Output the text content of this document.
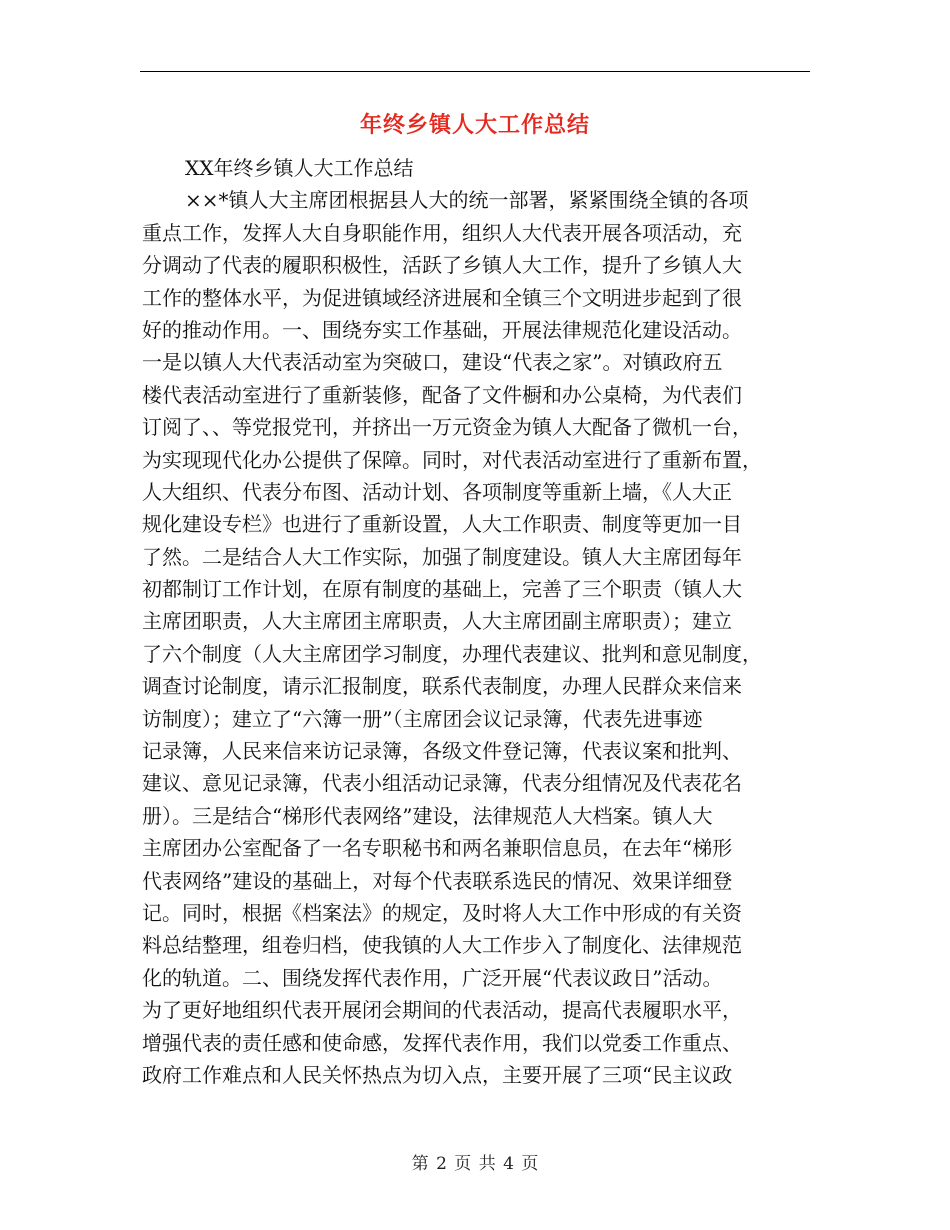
年终乡镇人大工作总结
XX年终乡镇人大工作总结
××*镇人大主席团根据县人大的统一部署，紧紧围绕全镇的各项
重点工作，发挥人大自身职能作用，组织人大代表开展各项活动，充
分调动了代表的履职积极性，活跃了乡镇人大工作，提升了乡镇人大
工作的整体水平，为促进镇域经济进展和全镇三个文明进步起到了很
好的推动作用。一、围绕夯实工作基础，开展法律规范化建设活动。
一是以镇人大代表活动室为突破口，建设“代表之家”。对镇政府五
楼代表活动室进行了重新装修，配备了文件橱和办公桌椅，为代表们
订阅了、、等党报党刊，并挤出一万元资金为镇人大配备了微机一台，
为实现现代化办公提供了保障。同时，对代表活动室进行了重新布置，
人大组织、代表分布图、活动计划、各项制度等重新上墙，《人大正
规化建设专栏》也进行了重新设置，人大工作职责、制度等更加一目
了然。二是结合人大工作实际，加强了制度建设。镇人大主席团每年
初都制订工作计划，在原有制度的基础上，完善了三个职责（镇人大
主席团职责，人大主席团主席职责，人大主席团副主席职责）；建立
了六个制度（人大主席团学习制度，办理代表建议、批判和意见制度，
调查讨论制度，请示汇报制度，联系代表制度，办理人民群众来信来
访制度）；建立了“六簿一册”（主席团会议记录簿，代表先进事迹
记录簿，人民来信来访记录簿，各级文件登记簿，代表议案和批判、
建议、意见记录簿，代表小组活动记录簿，代表分组情况及代表花名
册）。三是结合“梯形代表网络”建设，法律规范人大档案。镇人大
主席团办公室配备了一名专职秘书和两名兼职信息员，在去年“梯形
代表网络”建设的基础上，对每个代表联系选民的情况、效果详细登
记。同时，根据《档案法》的规定，及时将人大工作中形成的有关资
料总结整理，组卷归档，使我镇的人大工作步入了制度化、法律规范
化的轨道。二、围绕发挥代表作用，广泛开展“代表议政日”活动。
为了更好地组织代表开展闭会期间的代表活动，提高代表履职水平，
增强代表的责任感和使命感，发挥代表作用，我们以党委工作重点、
政府工作难点和人民关怀热点为切入点，主要开展了三项“民主议政
第 2 页 共 4 页
